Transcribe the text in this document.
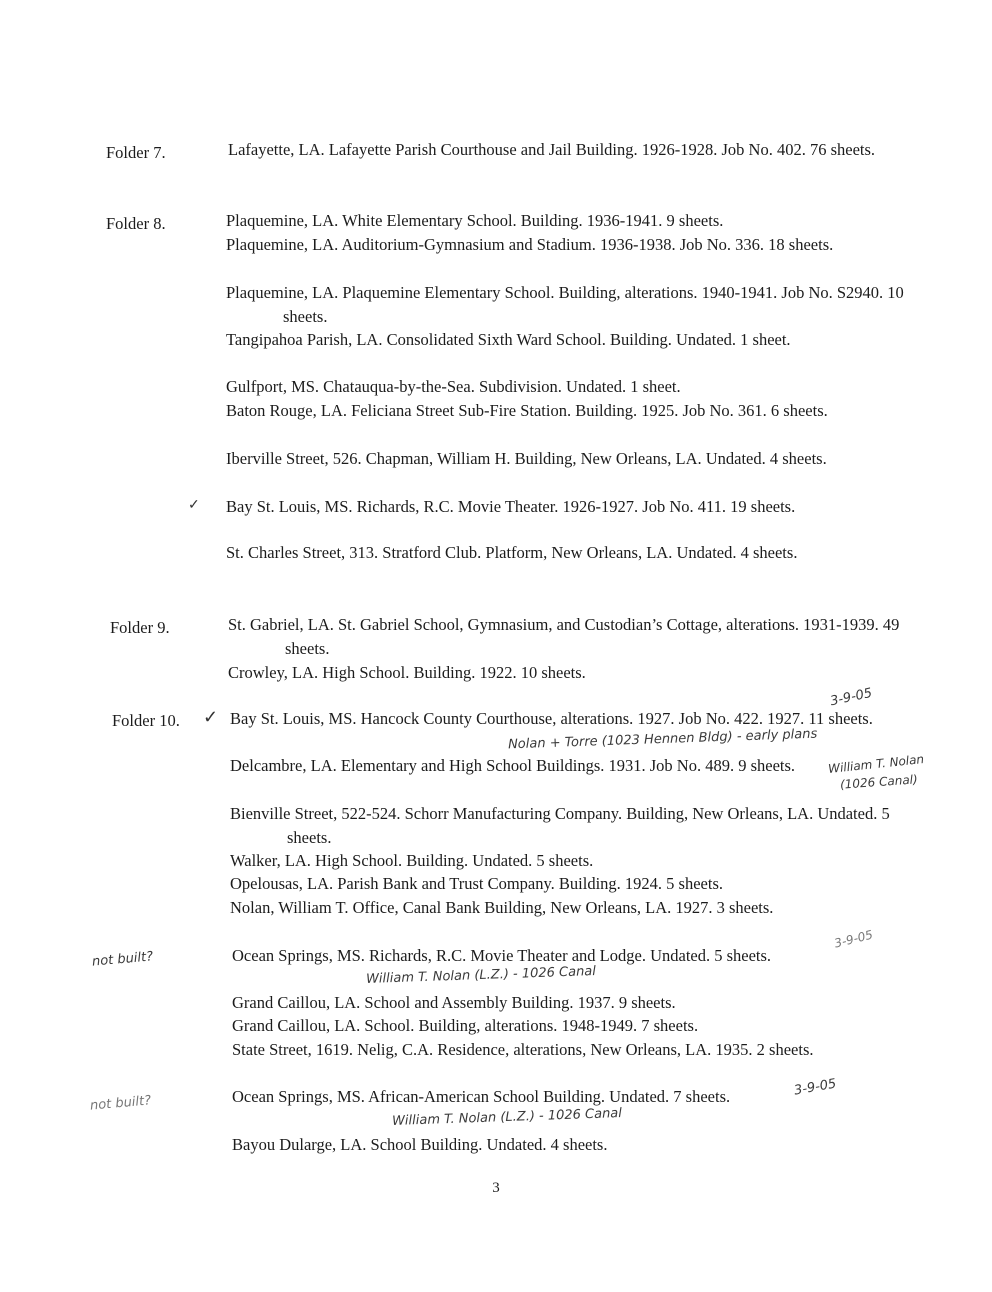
Folder 7.	Lafayette, LA. Lafayette Parish Courthouse and Jail Building. 1926-1928. Job No. 402. 76 sheets.
Folder 8.	Plaquemine, LA. White Elementary School. Building. 1936-1941. 9 sheets.
Plaquemine, LA. Auditorium-Gymnasium and Stadium. 1936-1938. Job No. 336. 18 sheets.
Plaquemine, LA. Plaquemine Elementary School. Building, alterations. 1940-1941. Job No. S2940. 10 sheets.
Tangipahoa Parish, LA. Consolidated Sixth Ward School. Building. Undated. 1 sheet.
Gulfport, MS. Chatauqua-by-the-Sea. Subdivision. Undated. 1 sheet.
Baton Rouge, LA. Feliciana Street Sub-Fire Station. Building. 1925. Job No. 361. 6 sheets.
Iberville Street, 526. Chapman, William H. Building, New Orleans, LA. Undated. 4 sheets.
✓ Bay St. Louis, MS. Richards, R.C. Movie Theater. 1926-1927. Job No. 411. 19 sheets.
St. Charles Street, 313. Stratford Club. Platform, New Orleans, LA. Undated. 4 sheets.
Folder 9.	St. Gabriel, LA. St. Gabriel School, Gymnasium, and Custodian’s Cottage, alterations. 1931-1939. 49 sheets.
Crowley, LA. High School. Building. 1922. 10 sheets.
Folder 10. ✓ Bay St. Louis, MS. Hancock County Courthouse, alterations. 1927. Job No. 422. 1927. 11 sheets.
Delcambre, LA. Elementary and High School Buildings. 1931. Job No. 489. 9 sheets.
Bienville Street, 522-524. Schorr Manufacturing Company. Building, New Orleans, LA. Undated. 5 sheets.
Walker, LA. High School. Building. Undated. 5 sheets.
Opelousas, LA. Parish Bank and Trust Company. Building. 1924. 5 sheets.
Nolan, William T. Office, Canal Bank Building, New Orleans, LA. 1927. 3 sheets.
Ocean Springs, MS. Richards, R.C. Movie Theater and Lodge. Undated. 5 sheets.
Grand Caillou, LA. School and Assembly Building. 1937. 9 sheets.
Grand Caillou, LA. School. Building, alterations. 1948-1949. 7 sheets.
State Street, 1619. Nelig, C.A. Residence, alterations, New Orleans, LA. 1935. 2 sheets.
Ocean Springs, MS. African-American School Building. Undated. 7 sheets.
Bayou Dularge, LA. School Building. Undated. 4 sheets.
Nolan + Torre (1023 Hennen Bldg) - early plans
3-9-05
William T. Nolan
(1026 Canal)
not built?
3-9-05
William T. Nolan (L.Z.) - 1026 Canal
not built?
3-9-05
William T. Nolan (L.Z.) - 1026 Canal
3
